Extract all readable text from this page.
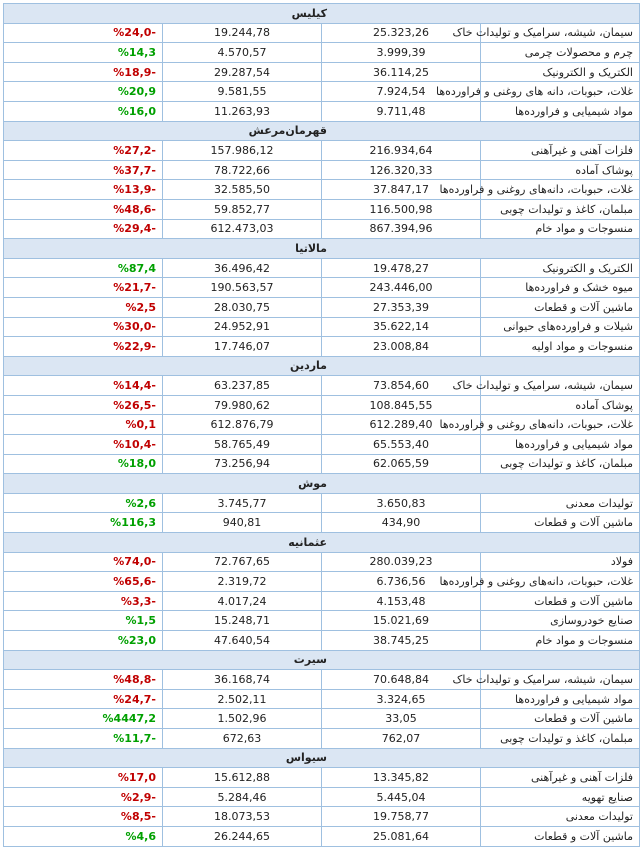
کیلیس			
%24,0-	19.244,78	25.323,26	سیمان، شیشه، سرامیک و تولیدات خاک
%14,3	4.570,57	3.999,39	چرم و محصولات چرمی
%18,9-	29.287,54	36.114,25	الکتریک و الکترونیک
%20,9	9.581,55	7.924,54	غلات، حبوبات، دانه های روغنی و فراورده‌ها
%16,0	11.263,93	9.711,48	مواد شیمیایی و فراورده‌ها
قهرمان‌مرعش			
%27,2-	157.986,12	216.934,64	فلزات آهنی و غیرآهنی
%37,7-	78.722,66	126.320,33	پوشاک آماده
%13,9-	32.585,50	37.847,17	غلات، حبوبات، دانه‌های روغنی و فراورده‌ها
%48,6-	59.852,77	116.500,98	مبلمان، کاغذ و تولیدات چوبی
%29,4-	612.473,03	867.394,96	منسوجات و مواد خام
مالاتیا			
%87,4	36.496,42	19.478,27	الکتریک و الکترونیک
%21,7-	190.563,57	243.446,00	میوه خشک و فراورده‌ها
%2,5	28.030,75	27.353,39	ماشین آلات و قطعات
%30,0-	24.952,91	35.622,14	شیلات و فراورده‌های حیوانی
%22,9-	17.746,07	23.008,84	منسوجات و مواد اولیه
ماردین			
%14,4-	63.237,85	73.854,60	سیمان، شیشه، سرامیک و تولیدات خاک
%26,5-	79.980,62	108.845,55	پوشاک آماده
%0,1	612.876,79	612.289,40	غلات، حبوبات، دانه‌های روغنی و فراورده‌ها
%10,4-	58.765,49	65.553,40	مواد شیمیایی و فراورده‌ها
%18,0	73.256,94	62.065,59	مبلمان، کاغذ و تولیدات چوبی
موش			
%2,6	3.745,77	3.650,83	تولیدات معدنی
%116,3	940,81	434,90	ماشین آلات و قطعات
عثمانیه			
%74,0-	72.767,65	280.039,23	فولاد
%65,6-	2.319,72	6.736,56	غلات، حبوبات، دانه‌های روغنی و فراورده‌ها
%3,3-	4.017,24	4.153,48	ماشین آلات و قطعات
%1,5	15.248,71	15.021,69	صنایع خودروسازی
%23,0	47.640,54	38.745,25	منسوجات و مواد خام
سیرت			
%48,8-	36.168,74	70.648,84	سیمان، شیشه، سرامیک و تولیدات خاک
%24,7-	2.502,11	3.324,65	مواد شیمیایی و فراورده‌ها
%4447,2	1.502,96	33,05	ماشین آلات و قطعات
%11,7-	672,63	762,07	مبلمان، کاغذ و تولیدات چوبی
سیواس			
%17,0	15.612,88	13.345,82	فلزات آهنی و غیرآهنی
%2,9-	5.284,46	5.445,04	صنایع تهویه
%8,5-	18.073,53	19.758,77	تولیدات معدنی
%4,6	26.244,65	25.081,64	ماشین آلات و قطعات
